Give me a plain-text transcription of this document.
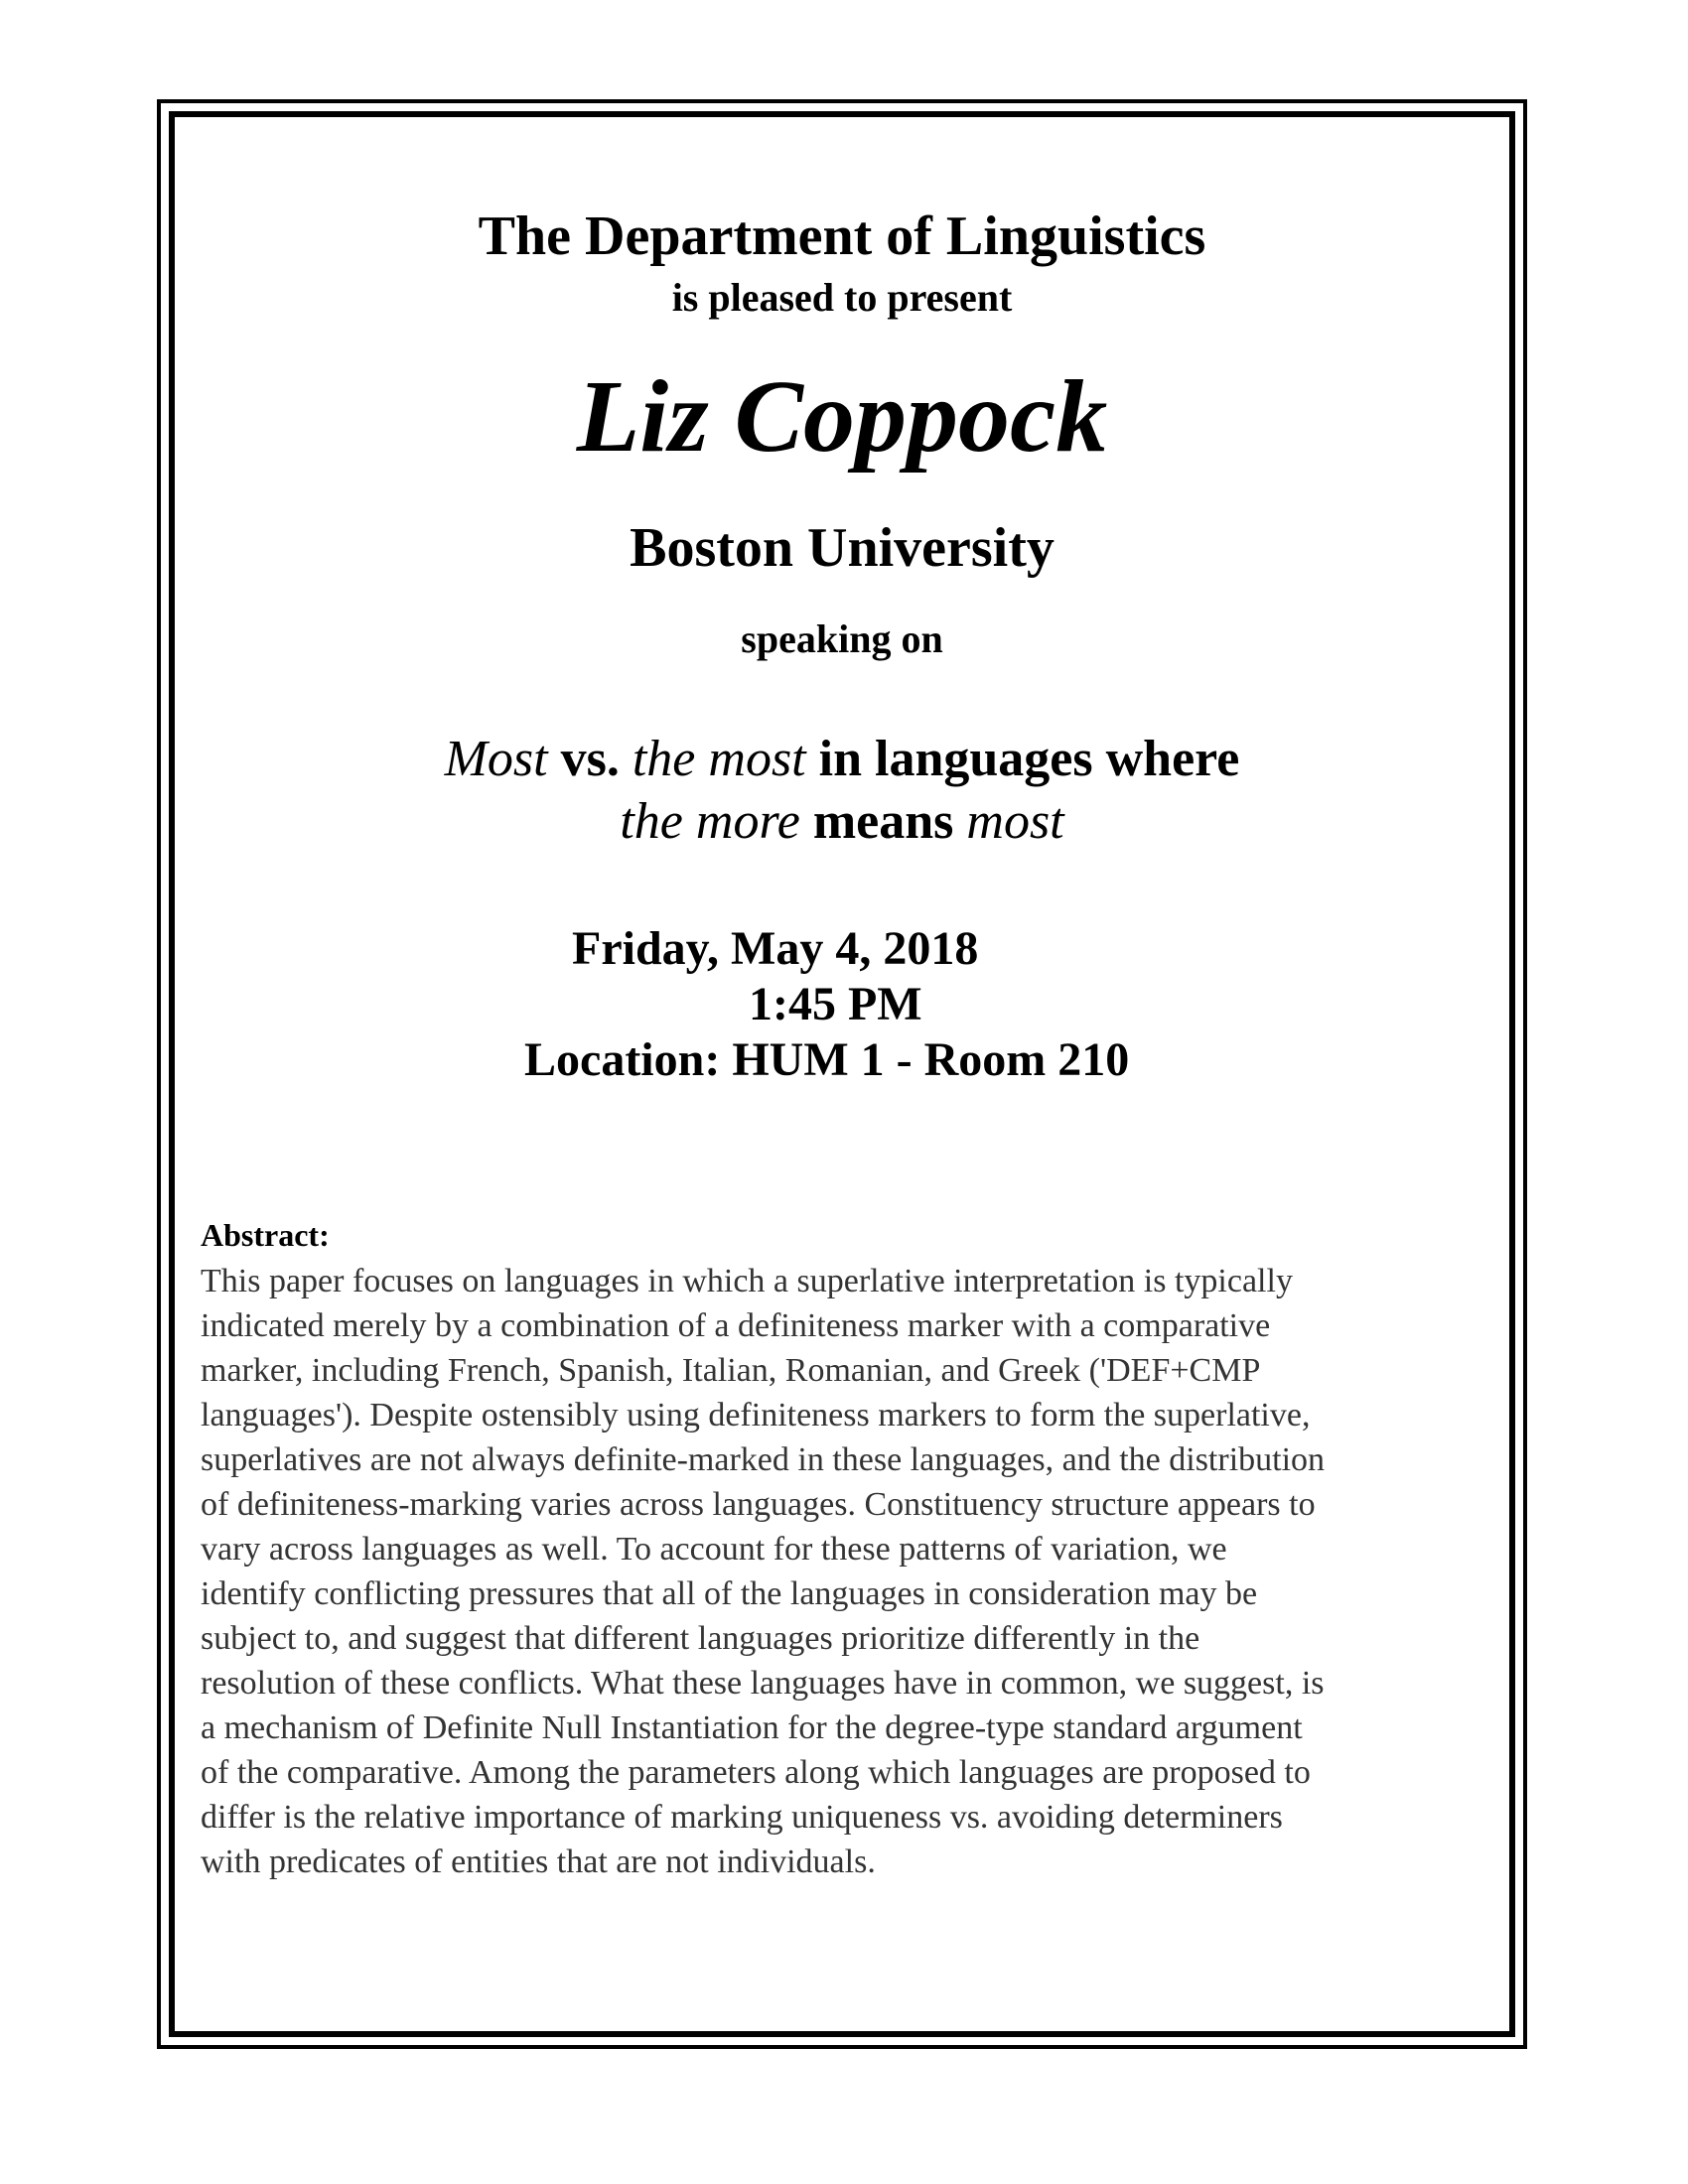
The Department of Linguistics
is pleased to present
Liz Coppock
Boston University
speaking on
Most vs. the most in languages where
the more means most
Friday, May 4, 2018
1:45 PM
Location: HUM 1 - Room 210
Abstract:
This paper focuses on languages in which a superlative interpretation is typically
indicated merely by a combination of a definiteness marker with a comparative
marker, including French, Spanish, Italian, Romanian, and Greek ('DEF+CMP
languages'). Despite ostensibly using definiteness markers to form the superlative,
superlatives are not always definite-marked in these languages, and the distribution
of definiteness-marking varies across languages. Constituency structure appears to
vary across languages as well. To account for these patterns of variation, we
identify conflicting pressures that all of the languages in consideration may be
subject to, and suggest that different languages prioritize differently in the
resolution of these conflicts. What these languages have in common, we suggest, is
a mechanism of Definite Null Instantiation for the degree-type standard argument
of the comparative. Among the parameters along which languages are proposed to
differ is the relative importance of marking uniqueness vs. avoiding determiners
with predicates of entities that are not individuals.
